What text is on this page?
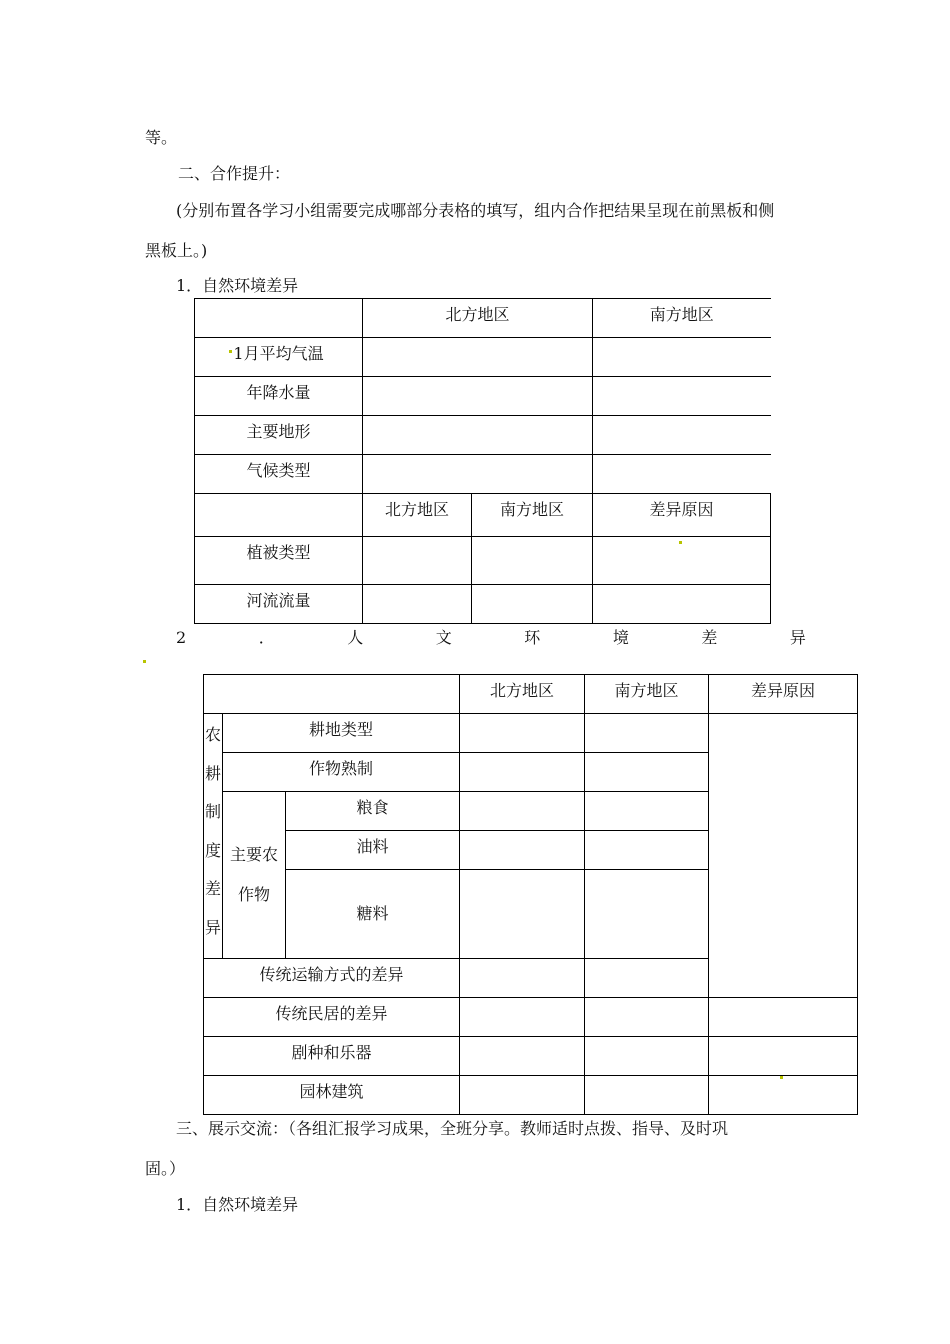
等。
二、合作提升：
(分别布置各学习小组需要完成哪部分表格的填写，组内合作把结果呈现在前黑板和侧
黑板上。)
1．自然环境差异
	北方地区		南方地区
1月平均气温			
年降水量			
主要地形			
气候类型			
	北方地区	南方地区	差异原因
植被类型			
河流流量			
2	．	人	文	环	境	差	异
			北方地区	南方地区	差异原因	

农耕制度差异	耕地类型					
	作物熟制					

	主要农作物	粮食				
		油料				
		糖料				
传统运输方式的差异						
传统民居的差异						
剧种和乐器						
园林建筑						
三、展示交流：（各组汇报学习成果，全班分享。教师适时点拨、指导、及时巩
固。）
1．自然环境差异
